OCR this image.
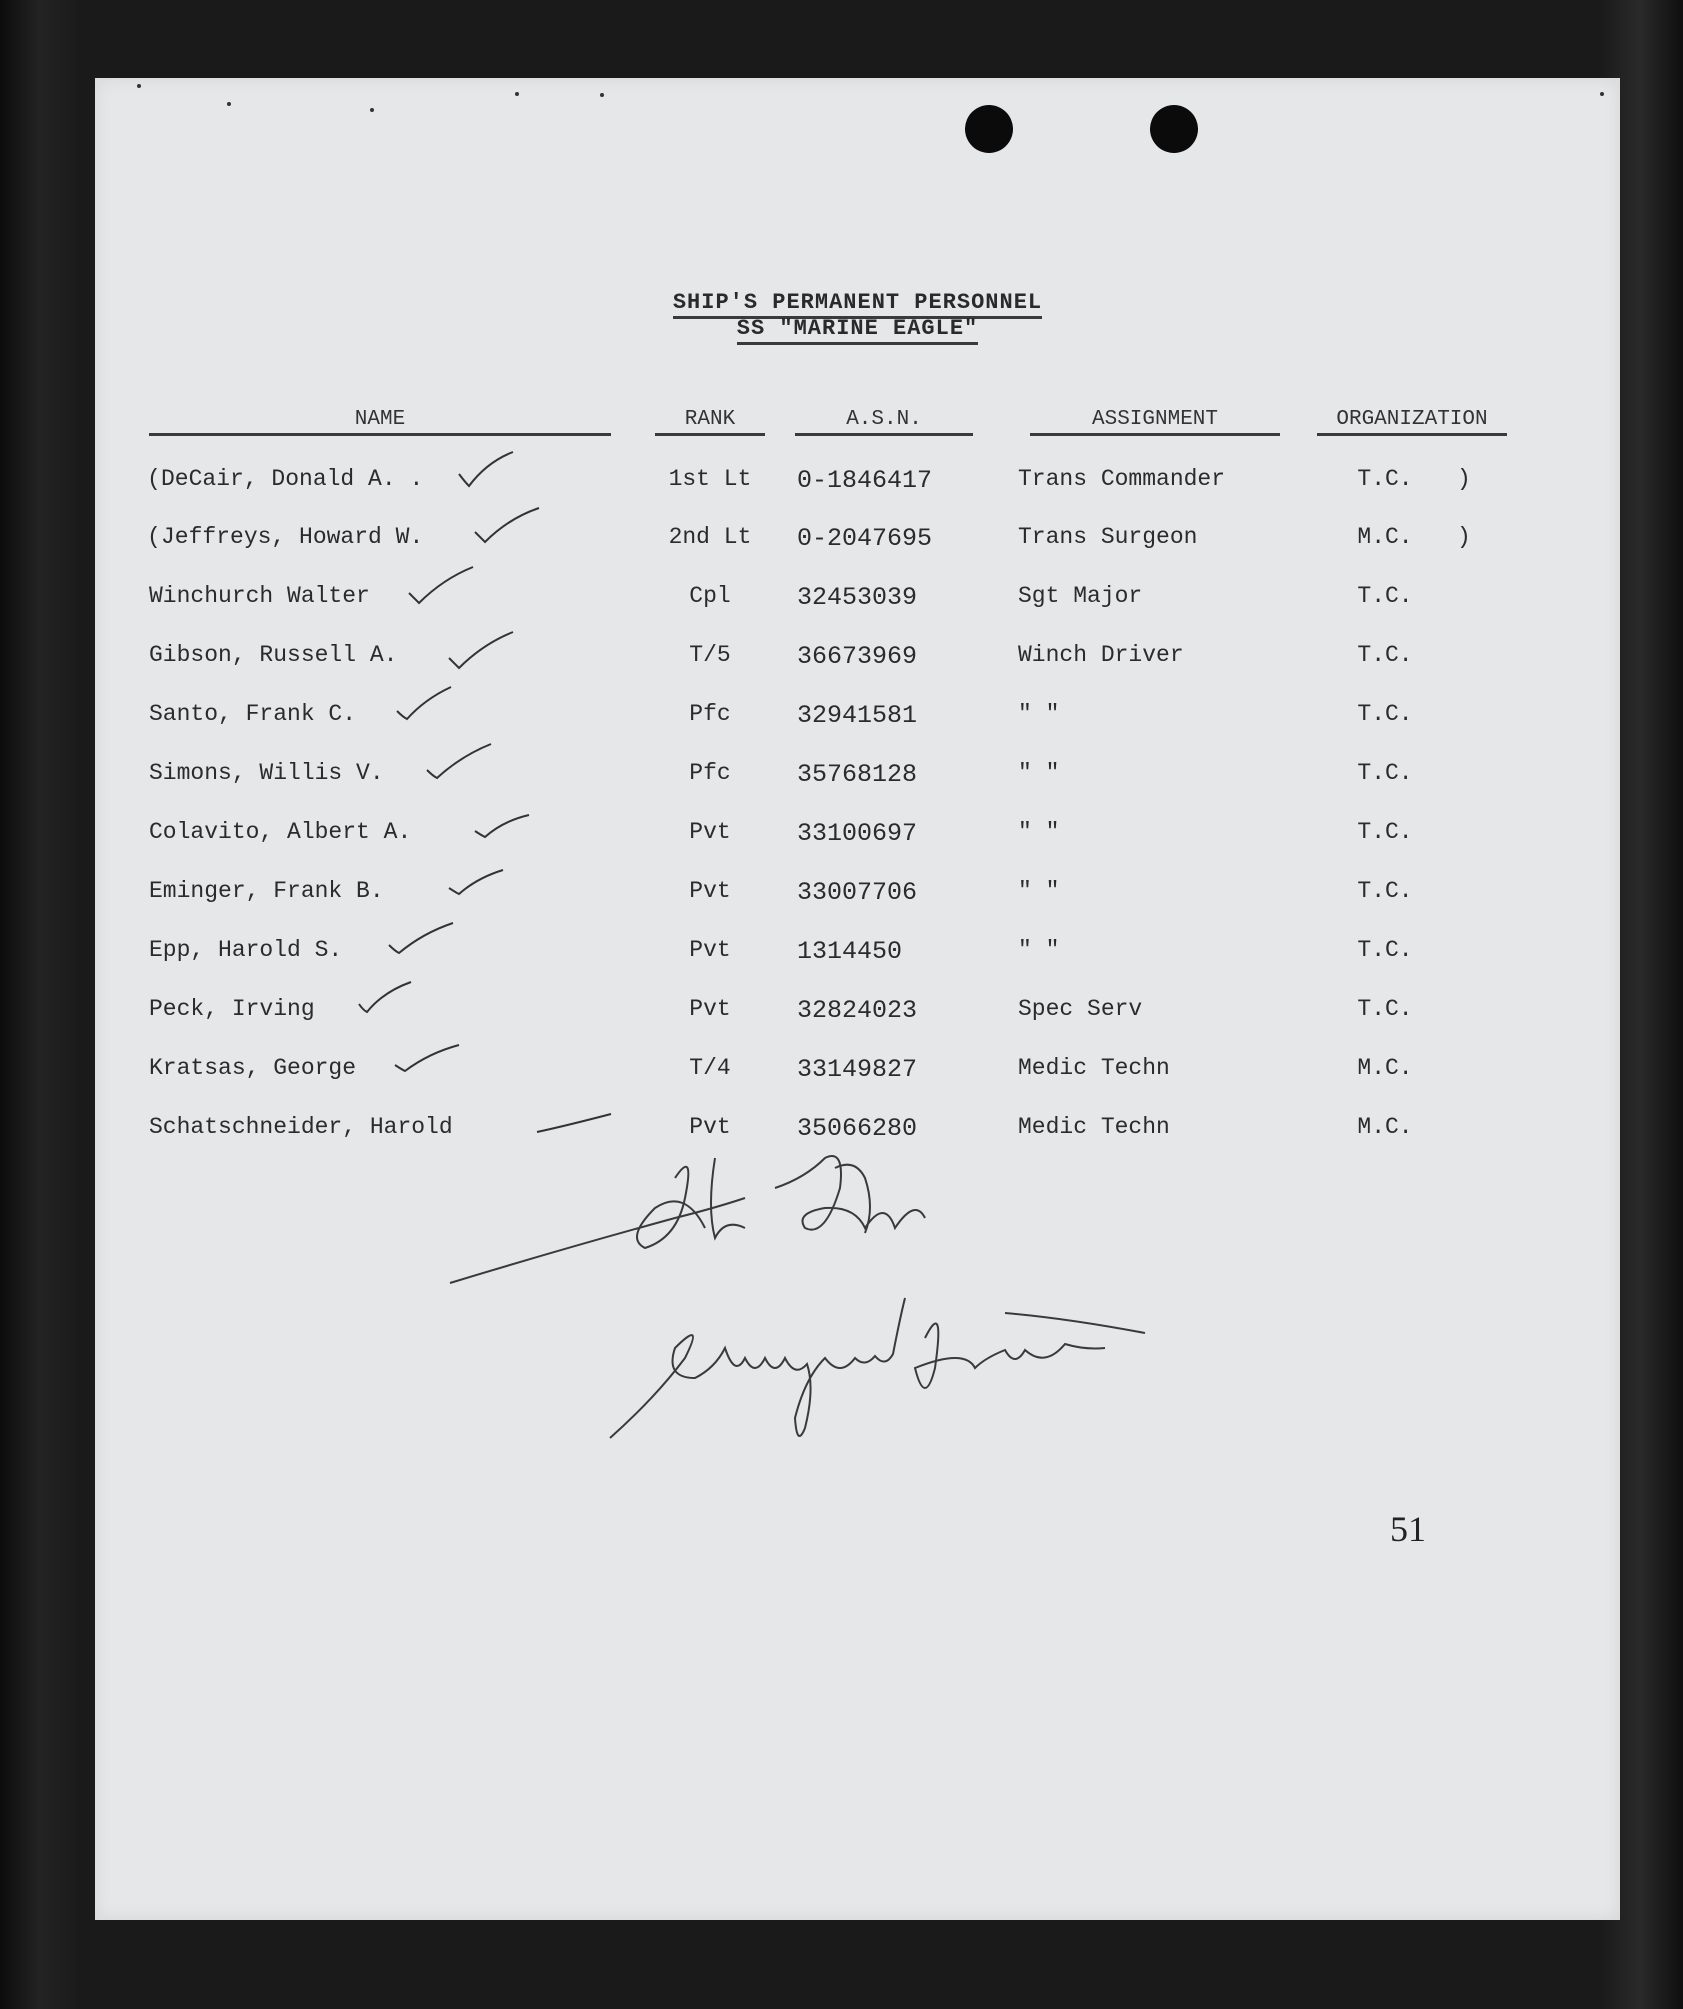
SHIP'S PERMANENT PERSONNEL
SS "MARINE EAGLE"
NAME	RANK	A.S.N.	ASSIGNMENT	ORGANIZATION
( DeCair, Donald A. .	1st Lt	0-1846417	Trans Commander	T.C.	)
( Jeffreys, Howard W.	2nd Lt	0-2047695	Trans Surgeon	M.C.	)
Winchurch Walter	Cpl	32453039	Sgt Major	T.C.
Gibson, Russell A.	T/5	36673969	Winch Driver	T.C.
Santo, Frank C.	Pfc	32941581	" "	T.C.
Simons, Willis V.	Pfc	35768128	" "	T.C.
Colavito, Albert A.	Pvt	33100697	" "	T.C.
Eminger, Frank B.	Pvt	33007706	" "	T.C.
Epp, Harold S.	Pvt	1314450	" "	T.C.
Peck, Irving	Pvt	32824023	Spec Serv	T.C.
Kratsas, George	T/4	33149827	Medic Techn	M.C.
Schatschneider, Harold	Pvt	35066280	Medic Techn	M.C.
51
